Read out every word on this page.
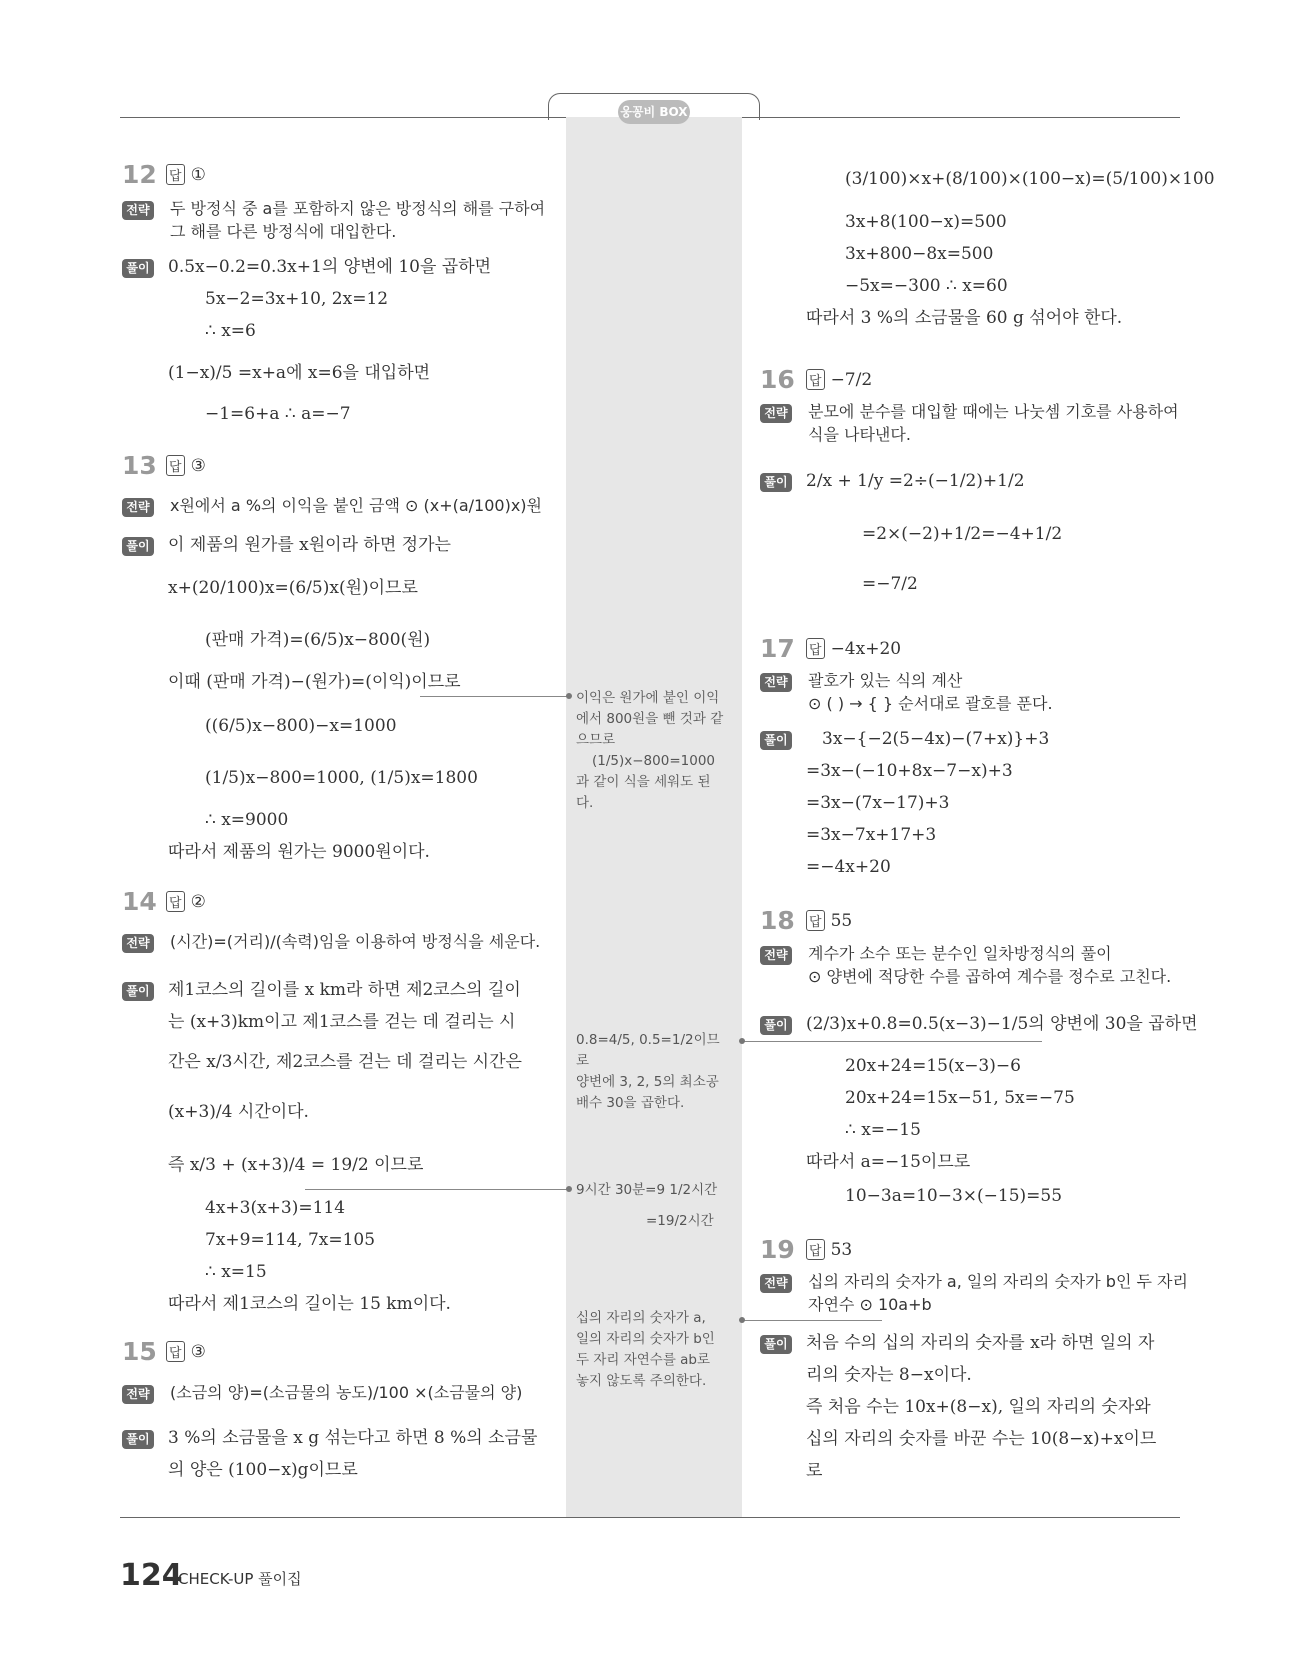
웅꽁비 BOX
12 답 ①
전략 두 방정식 중 a를 포함하지 않은 방정식의 해를 구하여
그 해를 다른 방정식에 대입한다.
풀이 0.5x−0.2=0.3x+1의 양변에 10을 곱하면
5x−2=3x+10, 2x=12
∴ x=6
(1−x)/5 =x+a에 x=6을 대입하면
−1=6+a ∴ a=−7
13 답 ③
전략 x원에서 a %의 이익을 붙인 금액 ⊙ (x+(a/100)x)원
풀이 이 제품의 원가를 x원이라 하면 정가는
x+(20/100)x=(6/5)x(원)이므로
(판매 가격)=(6/5)x−800(원)
이때 (판매 가격)−(원가)=(이익)이므로
((6/5)x−800)−x=1000
(1/5)x−800=1000, (1/5)x=1800
∴ x=9000
따라서 제품의 원가는 9000원이다.
14 답 ②
전략 (시간)=(거리)/(속력)임을 이용하여 방정식을 세운다.
풀이 제1코스의 길이를 x km라 하면 제2코스의 길이
는 (x+3)km이고 제1코스를 걷는 데 걸리는 시
간은 x/3시간, 제2코스를 걷는 데 걸리는 시간은
(x+3)/4 시간이다.
즉 x/3 + (x+3)/4 = 19/2 이므로
4x+3(x+3)=114
7x+9=114, 7x=105
∴ x=15
따라서 제1코스의 길이는 15 km이다.
15 답 ③
전략 (소금의 양)=(소금물의 농도)/100 ×(소금물의 양)
풀이 3 %의 소금물을 x g 섞는다고 하면 8 %의 소금물
의 양은 (100−x)g이므로
(3/100)×x+(8/100)×(100−x)=(5/100)×100
3x+8(100−x)=500
3x+800−8x=500
−5x=−300 ∴ x=60
따라서 3 %의 소금물을 60 g 섞어야 한다.
16 답 −7/2
전략 분모에 분수를 대입할 때에는 나눗셈 기호를 사용하여
식을 나타낸다.
풀이 2/x + 1/y =2÷(−1/2)+1/2
=2×(−2)+1/2=−4+1/2
=−7/2
17 답 −4x+20
전략 괄호가 있는 식의 계산
⊙ ( ) → { } 순서대로 괄호를 푼다.
풀이 3x−{−2(5−4x)−(7+x)}+3
=3x−(−10+8x−7−x)+3
=3x−(7x−17)+3
=3x−7x+17+3
=−4x+20
18 답 55
전략 계수가 소수 또는 분수인 일차방정식의 풀이
⊙ 양변에 적당한 수를 곱하여 계수를 정수로 고친다.
풀이 (2/3)x+0.8=0.5(x−3)−1/5의 양변에 30을 곱하면
20x+24=15(x−3)−6
20x+24=15x−51, 5x=−75
∴ x=−15
따라서 a=−15이므로
10−3a=10−3×(−15)=55
19 답 53
전략 십의 자리의 숫자가 a, 일의 자리의 숫자가 b인 두 자리
자연수 ⊙ 10a+b
풀이 처음 수의 십의 자리의 숫자를 x라 하면 일의 자
리의 숫자는 8−x이다.
즉 처음 수는 10x+(8−x), 일의 자리의 숫자와
십의 자리의 숫자를 바꾼 수는 10(8−x)+x이므
로
이익은 원가에 붙인 이익
에서 800원을 뺀 것과 같
으므로
(1/5)x−800=1000
과 같이 식을 세워도 된
다.
0.8=4/5, 0.5=1/2이므로
양변에 3, 2, 5의 최소공
배수 30을 곱한다.
9시간 30분=9 1/2시간
=19/2시간
십의 자리의 숫자가 a,
일의 자리의 숫자가 b인
두 자리 자연수를 ab로
놓지 않도록 주의한다.
124
CHECK-UP 풀이집
